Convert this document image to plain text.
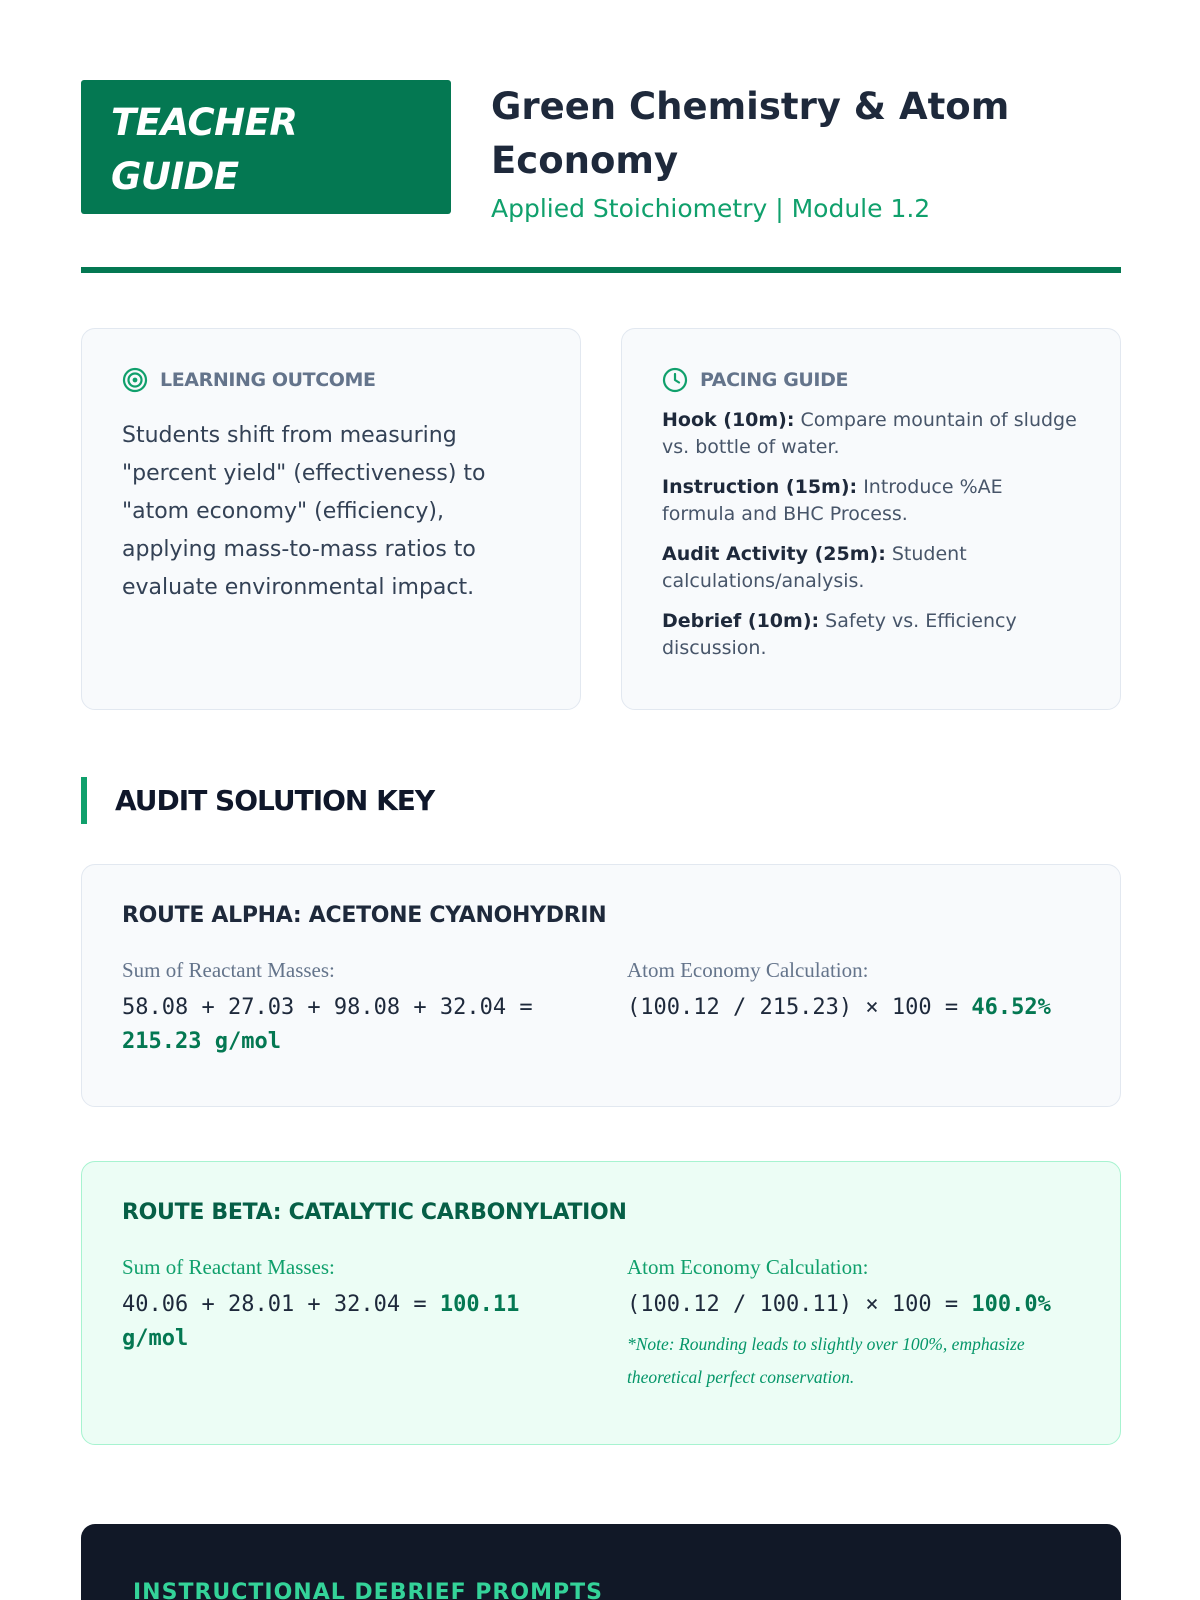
TEACHER
GUIDE
Green Chemistry & Atom Economy
Applied Stoichiometry | Module 1.2
LEARNING OUTCOME

Students shift from measuring "percent yield" (effectiveness) to "atom economy" (efficiency), applying mass-to-mass ratios to evaluate environmental impact.

PACING GUIDE
Hook (10m): Compare mountain of sludge vs. bottle of water.
Instruction (15m): Introduce %AE formula and BHC Process.
Audit Activity (25m): Student calculations/analysis.
Debrief (10m): Safety vs. Efficiency discussion.
AUDIT SOLUTION KEY
ROUTE ALPHA: ACETONE CYANOHYDRIN
Sum of Reactant Masses:
58.08 + 27.03 + 98.08 + 32.04 = 215.23 g/mol
Atom Economy Calculation:
(100.12 / 215.23) × 100 = 46.52%
ROUTE BETA: CATALYTIC CARBONYLATION
Sum of Reactant Masses:
40.06 + 28.01 + 32.04 = 100.11 g/mol
Atom Economy Calculation:
(100.12 / 100.11) × 100 = 100.0%
*Note: Rounding leads to slightly over 100%, emphasize theoretical perfect conservation.
INSTRUCTIONAL DEBRIEF PROMPTS
